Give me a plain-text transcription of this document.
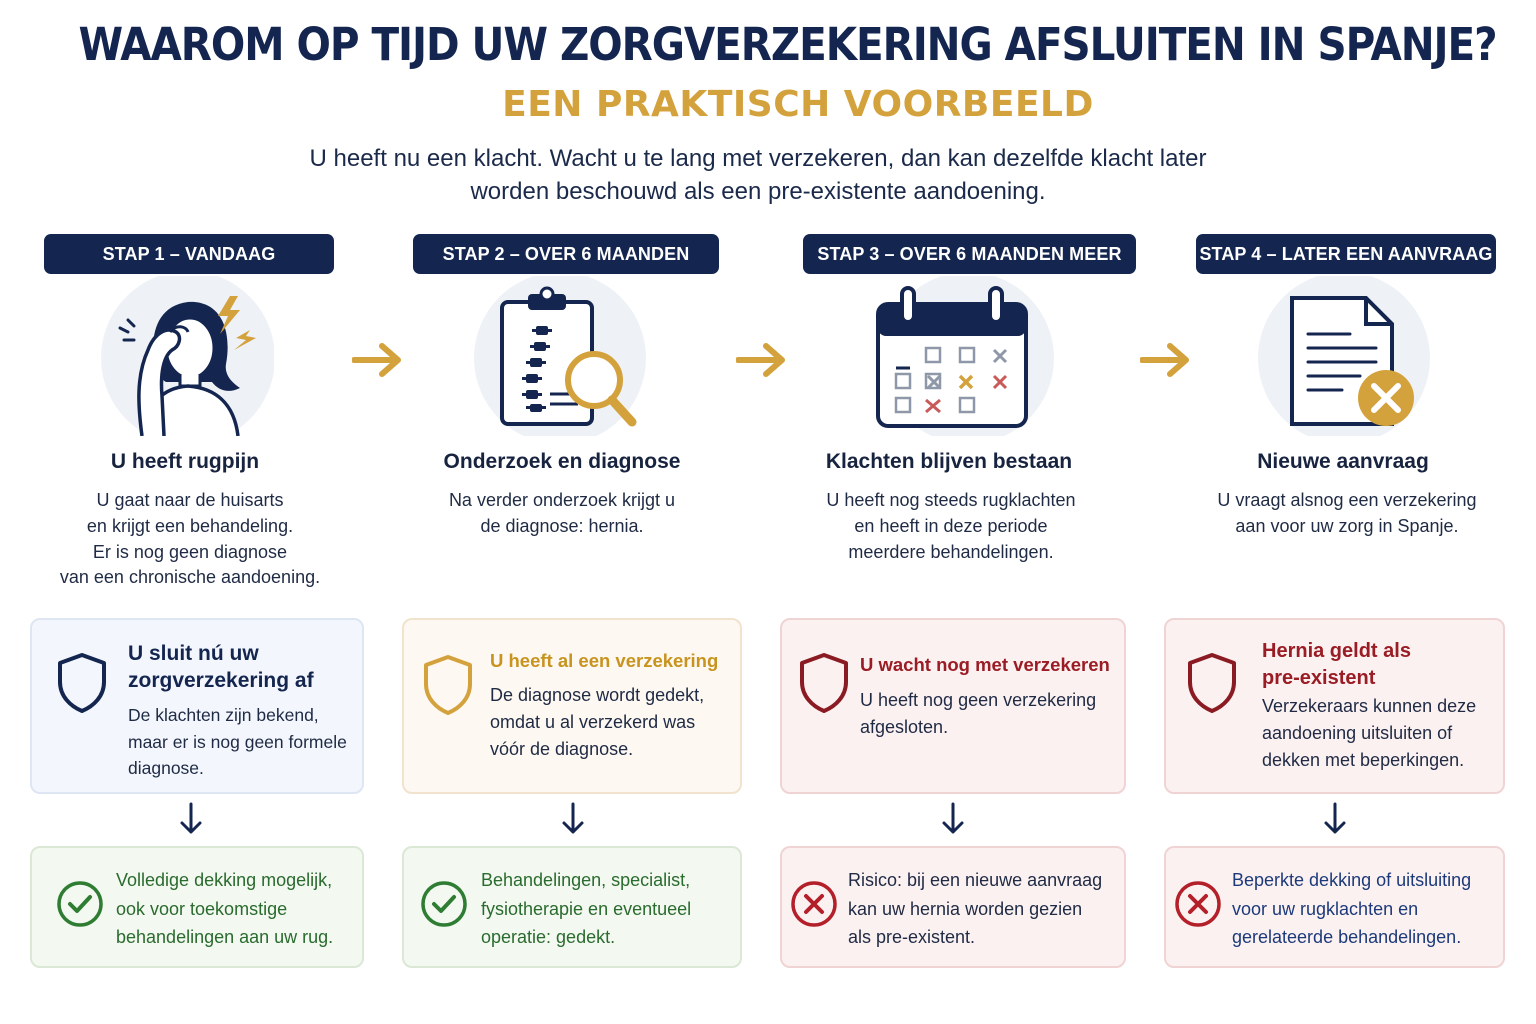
WAAROM OP TIJD UW ZORGVERZEKERING AFSLUITEN IN SPANJE?
EEN PRAKTISCH VOORBEELD
U heeft nu een klacht. Wacht u te lang met verzekeren, dan kan dezelfde klacht later
worden beschouwd als een pre-existente aandoening.
STAP 1 – VANDAAG	STAP 2 – OVER 6 MAANDEN	STAP 3 – OVER 6 MAANDEN MEER	STAP 4 – LATER EEN AANVRAAG
U heeft rugpijn	Onderzoek en diagnose	Klachten blijven bestaan	Nieuwe aanvraag
U gaat naar de huisarts
en krijgt een behandeling.
Er is nog geen diagnose
van een chronische aandoening.
Na verder onderzoek krijgt u
de diagnose: hernia.
U heeft nog steeds rugklachten
en heeft in deze periode
meerdere behandelingen.
U vraagt alsnog een verzekering
aan voor uw zorg in Spanje.
U sluit nú uw
zorgverzekering af
De klachten zijn bekend,
maar er is nog geen formele
diagnose.
U heeft al een verzekering
De diagnose wordt gedekt,
omdat u al verzekerd was
vóór de diagnose.
U wacht nog met verzekeren
U heeft nog geen verzekering
afgesloten.
Hernia geldt als
pre-existent
Verzekeraars kunnen deze
aandoening uitsluiten of
dekken met beperkingen.
Volledige dekking mogelijk,
ook voor toekomstige
behandelingen aan uw rug.
Behandelingen, specialist,
fysiotherapie en eventueel
operatie: gedekt.
Risico: bij een nieuwe aanvraag
kan uw hernia worden gezien
als pre-existent.
Beperkte dekking of uitsluiting
voor uw rugklachten en
gerelateerde behandelingen.
